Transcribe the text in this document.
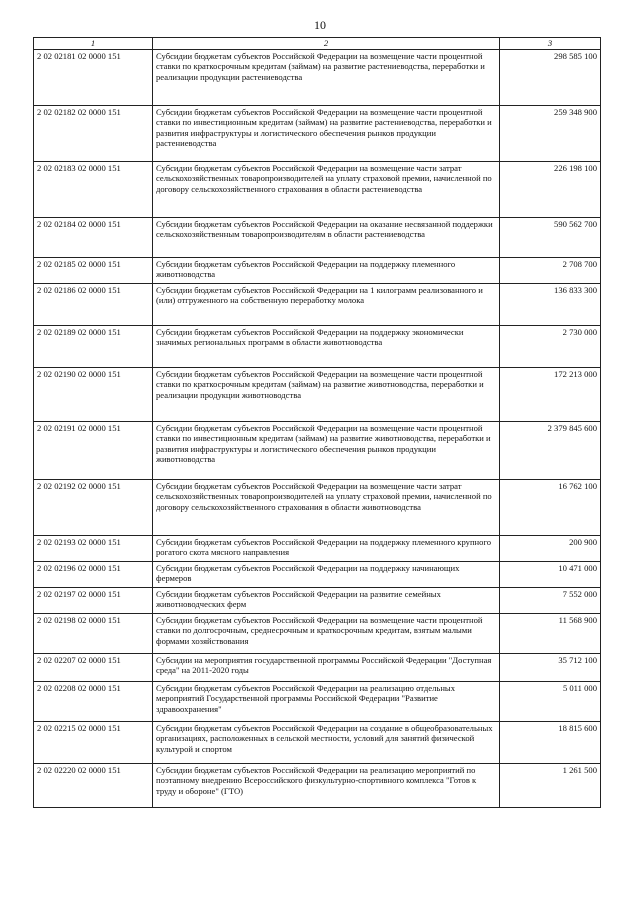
10
1	2	3
2 02 02181 02 0000 151	Субсидии бюджетам субъектов Российской Федерации на возмещение части процентной ставки по краткосрочным кредитам (займам) на развитие растениеводства, переработки и реализации продукции растениеводства	298 585 100
2 02 02182 02 0000 151	Субсидии бюджетам субъектов Российской Федерации на возмещение части процентной ставки по инвестиционным кредитам (займам) на развитие растениеводства, переработки и развития инфраструктуры и логистического обеспечения рынков продукции растениеводства	259 348 900
2 02 02183 02 0000 151	Субсидии бюджетам субъектов Российской Федерации на возмещение части затрат сельскохозяйственных товаропроизводителей на уплату страховой премии, начисленной по договору сельскохозяйственного страхования в области растениеводства	226 198 100
2 02 02184 02 0000 151	Субсидии бюджетам субъектов Российской Федерации на оказание несвязанной поддержки сельскохозяйственным товаропроизводителям в области растениеводства	590 562 700
2 02 02185 02 0000 151	Субсидии бюджетам субъектов Российской Федерации на поддержку племенного животноводства	2 708 700
2 02 02186 02 0000 151	Субсидии бюджетам субъектов Российской Федерации на 1 килограмм реализованного и (или) отгруженного на собственную переработку молока	136 833 300
2 02 02189 02 0000 151	Субсидии бюджетам субъектов Российской Федерации на поддержку экономически значимых региональных программ в области животноводства	2 730 000
2 02 02190 02 0000 151	Субсидии бюджетам субъектов Российской Федерации на возмещение части процентной ставки по краткосрочным кредитам (займам) на развитие животноводства, переработки и реализации продукции животноводства	172 213 000
2 02 02191 02 0000 151	Субсидии бюджетам субъектов Российской Федерации на возмещение части процентной ставки по инвестиционным кредитам (займам) на развитие животноводства, переработки и развития инфраструктуры и логистического обеспечения рынков продукции животноводства	2 379 845 600
2 02 02192 02 0000 151	Субсидии бюджетам субъектов Российской Федерации на возмещение части затрат сельскохозяйственных товаропроизводителей на уплату страховой премии, начисленной по договору сельскохозяйственного страхования в области животноводства	16 762 100
2 02 02193 02 0000 151	Субсидии бюджетам субъектов Российской Федерации на поддержку племенного крупного рогатого скота мясного направления	200 900
2 02 02196 02 0000 151	Субсидии бюджетам субъектов Российской Федерации на поддержку начинающих фермеров	10 471 000
2 02 02197 02 0000 151	Субсидии бюджетам субъектов Российской Федерации на развитие семейных животноводческих ферм	7 552 000
2 02 02198 02 0000 151	Субсидии бюджетам субъектов Российской Федерации на возмещение части процентной ставки по долгосрочным, среднесрочным и краткосрочным кредитам, взятым малыми формами хозяйствования	11 568 900
2 02 02207 02 0000 151	Субсидии на мероприятия государственной программы Российской Федерации "Доступная среда" на 2011-2020 годы	35 712 100
2 02 02208 02 0000 151	Субсидии бюджетам субъектов Российской Федерации на реализацию отдельных мероприятий Государственной программы Российской Федерации "Развитие здравоохранения"	5 011 000
2 02 02215 02 0000 151	Субсидии бюджетам субъектов Российской Федерации на создание в общеобразовательных организациях, расположенных в сельской местности, условий для занятий физической культурой и спортом	18 815 600
2 02 02220 02 0000 151	Субсидии бюджетам субъектов Российской Федерации на реализацию мероприятий по поэтапному внедрению Всероссийского физкультурно-спортивного комплекса "Готов к труду и обороне" (ГТО)	1 261 500
